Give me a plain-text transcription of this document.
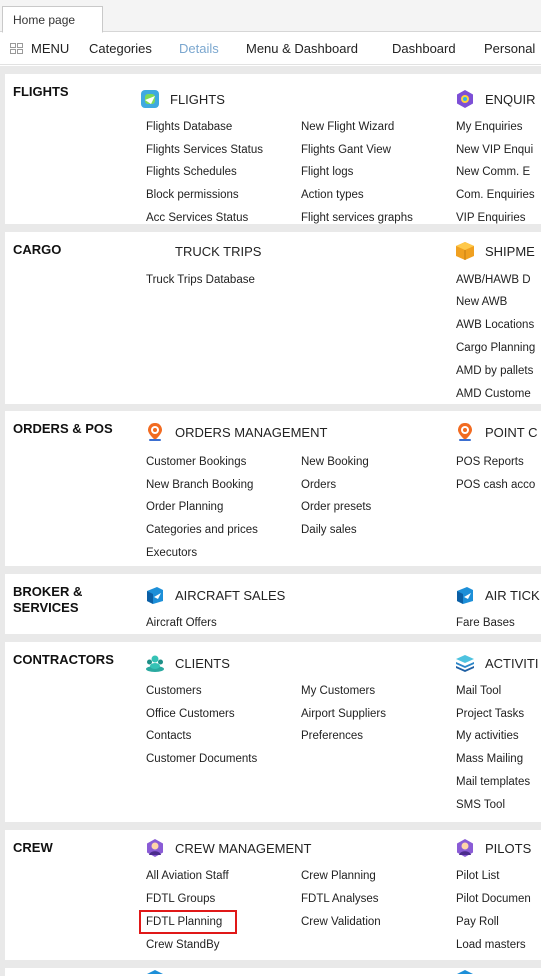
Home page
MENU Categories Details Menu & Dashboard	Dashboard Personal
FLIGHTS	FLIGHTS
Flights Database	New Flight Wizard
Flights Services Status	Flights Gant View
Flights Schedules	Flight logs
Block permissions	Action types
Acc Services Status	Flight services graphs
ENQUIR
My Enquiries
New VIP Enqui
New Comm. E
Com. Enquiries
VIP Enquiries
CARGO	TRUCK TRIPS
Truck Trips Database
SHIPME
AWB/HAWB D
New AWB
AWB Locations
Cargo Planning
AMD by pallets
AMD Custome
ORDERS & POS	ORDERS MANAGEMENT
Customer Bookings	New Booking
New Branch Booking	Orders
Order Planning	Order presets
Categories and prices	Daily sales
Executors
POINT C
POS Reports
POS cash acco
BROKER & SERVICES
AIRCRAFT SALES
Aircraft Offers
AIR TICK
Fare Bases
CONTRACTORS	CLIENTS
Customers	My Customers
Office Customers	Airport Suppliers
Contacts	Preferences
Customer Documents
ACTIVITI
Mail Tool
Project Tasks
My activities
Mass Mailing
Mail templates
SMS Tool
CREW	CREW MANAGEMENT
All Aviation Staff	Crew Planning
FDTL Groups	FDTL Analyses
FDTL Planning	Crew Validation
Crew StandBy
PILOTS
Pilot List
Pilot Documen
Pay Roll
Load masters
